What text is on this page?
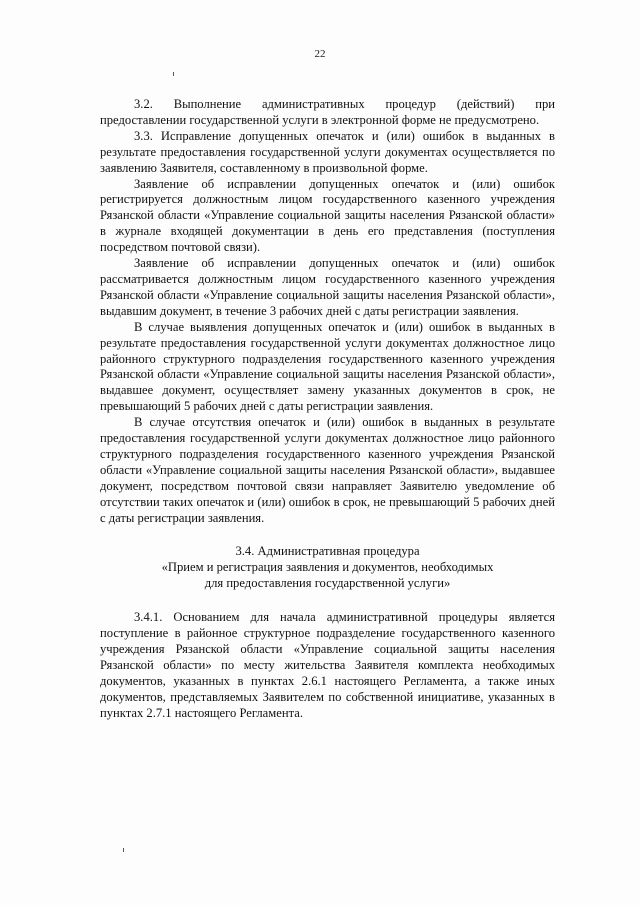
22

3.2. Выполнение административных процедур (действий) при предоставлении государственной услуги в электронной форме не предусмотрено.

3.3. Исправление допущенных опечаток и (или) ошибок в выданных в результате предоставления государственной услуги документах осуществляется по заявлению Заявителя, составленному в произвольной форме.

Заявление об исправлении допущенных опечаток и (или) ошибок регистрируется должностным лицом государственного казенного учреждения Рязанской области «Управление социальной защиты населения Рязанской области» в журнале входящей документации в день его представления (поступления посредством почтовой связи).

Заявление об исправлении допущенных опечаток и (или) ошибок рассматривается должностным лицом государственного казенного учреждения Рязанской области «Управление социальной защиты населения Рязанской области», выдавшим документ, в течение 3 рабочих дней с даты регистрации заявления.

В случае выявления допущенных опечаток и (или) ошибок в выданных в результате предоставления государственной услуги документах должностное лицо районного структурного подразделения государственного казенного учреждения Рязанской области «Управление социальной защиты населения Рязанской области», выдавшее документ, осуществляет замену указанных документов в срок, не превышающий 5 рабочих дней с даты регистрации заявления.

В случае отсутствия опечаток и (или) ошибок в выданных в результате предоставления государственной услуги документах должностное лицо районного структурного подразделения государственного казенного учреждения Рязанской области «Управление социальной защиты населения Рязанской области», выдавшее документ, посредством почтовой связи направляет Заявителю уведомление об отсутствии таких опечаток и (или) ошибок в срок, не превышающий 5 рабочих дней с даты регистрации заявления.

3.4. Административная процедура
«Прием и регистрация заявления и документов, необходимых
для предоставления государственной услуги»

3.4.1. Основанием для начала административной процедуры является поступление в районное структурное подразделение государственного казенного учреждения Рязанской области «Управление социальной защиты населения Рязанской области» по месту жительства Заявителя комплекта необходимых документов, указанных в пунктах 2.6.1 настоящего Регламента, а также иных документов, представляемых Заявителем по собственной инициативе, указанных в пунктах 2.7.1 настоящего Регламента.
